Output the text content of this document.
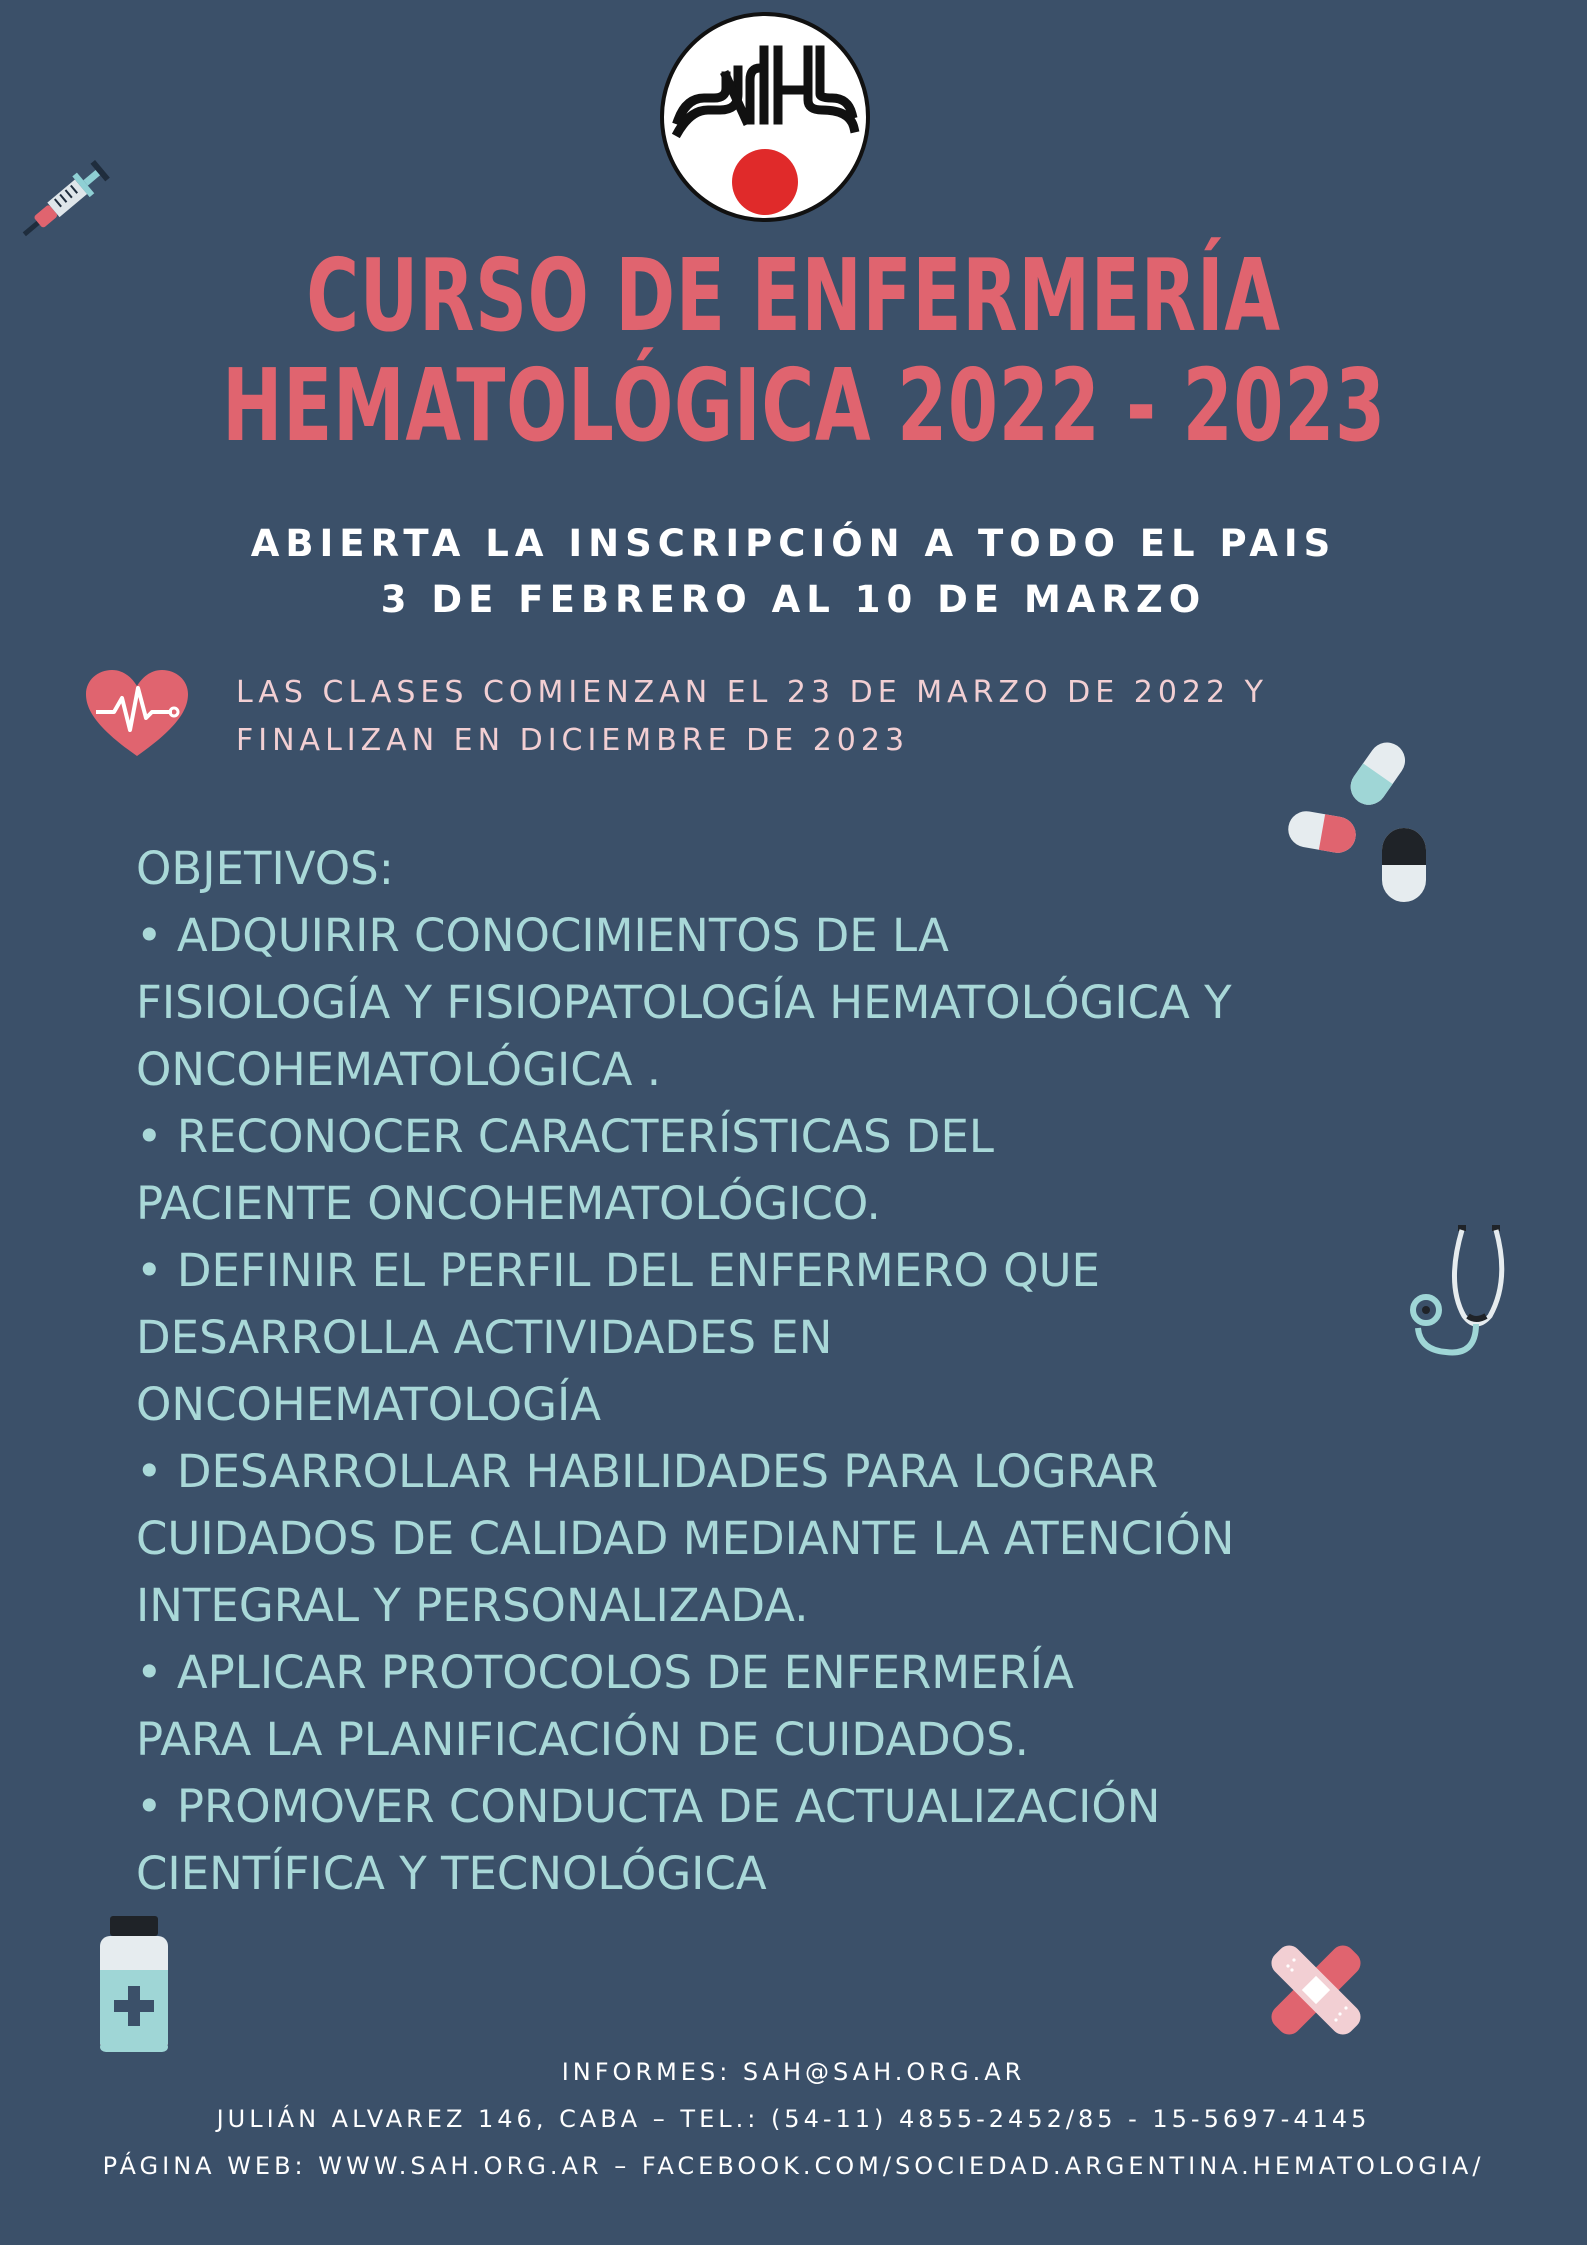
CURSO DE ENFERMERÍA
HEMATOLÓGICA 2022 - 2023
ABIERTA LA INSCRIPCIÓN A TODO EL PAIS
3 DE FEBRERO AL 10 DE MARZO
LAS CLASES COMIENZAN EL 23 DE MARZO DE 2022 Y
FINALIZAN EN DICIEMBRE DE 2023
OBJETIVOS:
• ADQUIRIR CONOCIMIENTOS DE LA
FISIOLOGÍA Y FISIOPATOLOGÍA HEMATOLÓGICA Y
ONCOHEMATOLÓGICA .
• RECONOCER CARACTERÍSTICAS DEL
PACIENTE ONCOHEMATOLÓGICO.
• DEFINIR EL PERFIL DEL ENFERMERO QUE
DESARROLLA ACTIVIDADES EN
ONCOHEMATOLOGÍA
• DESARROLLAR HABILIDADES PARA LOGRAR
CUIDADOS DE CALIDAD MEDIANTE LA ATENCIÓN
INTEGRAL Y PERSONALIZADA.
• APLICAR PROTOCOLOS DE ENFERMERÍA
PARA LA PLANIFICACIÓN DE CUIDADOS.
• PROMOVER CONDUCTA DE ACTUALIZACIÓN
CIENTÍFICA Y TECNOLÓGICA
INFORMES: SAH@SAH.ORG.AR
JULIÁN ALVAREZ 146, CABA – TEL.: (54-11) 4855-2452/85 - 15-5697-4145
PÁGINA WEB: WWW.SAH.ORG.AR – FACEBOOK.COM/SOCIEDAD.ARGENTINA.HEMATOLOGIA/
